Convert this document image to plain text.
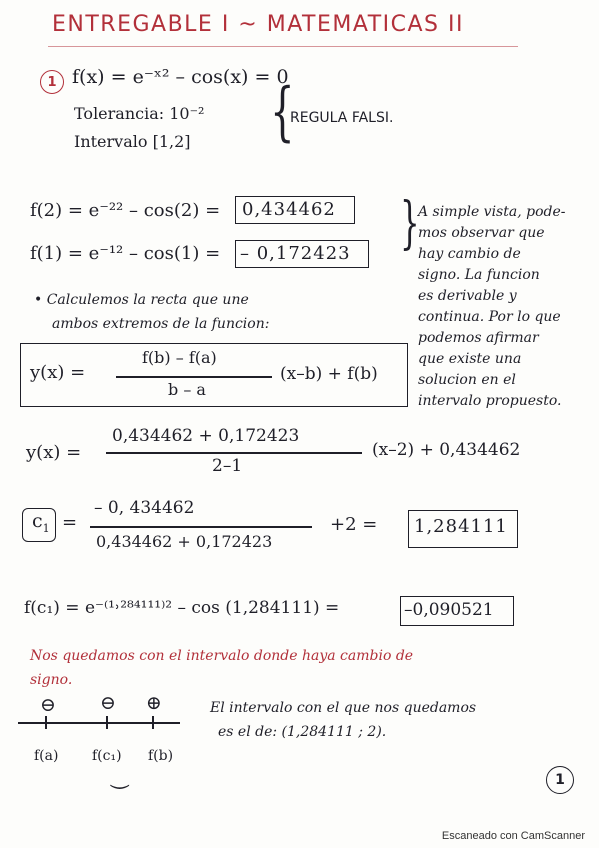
ENTREGABLE I ~ MATEMATICAS II
1 f(x) = e⁻ˣ² – cos(x) = 0
Tolerancia: 10⁻²
Intervalo [1,2] {
REGULA FALSI.
f(2) = e⁻²² – cos(2) = 0,434462
f(1) = e⁻¹² – cos(1) = – 0,172423 }

A simple vista, pode-

mos observar que

hay cambio de

signo. La funcion

es derivable y

continua. Por lo que

podemos afirmar

que existe una

solucion en el

intervalo propuesto.

• Calculemos la recta que une
ambos extremos de la funcion:
y(x) =
f(b) – f(a)
b – a
(x–b) + f(b)
y(x) =
0,434462 + 0,172423
2–1
(x–2) + 0,434462
$c_1$ =
– 0, 434462
0,434462 + 0,172423
+2 = 1,284111
f(c₁) = e⁻⁽¹˒²⁸⁴¹¹¹⁾² – cos (1,284111) =	–0,090521
Nos quedamos con el intervalo donde haya cambio de
signo.
⊖ ⊖ ⊕
f(a) f(c₁) f(b)
⏝
El intervalo con el que nos quedamos
es el de: (1,284111 ; 2).
1
Escaneado con CamScanner
